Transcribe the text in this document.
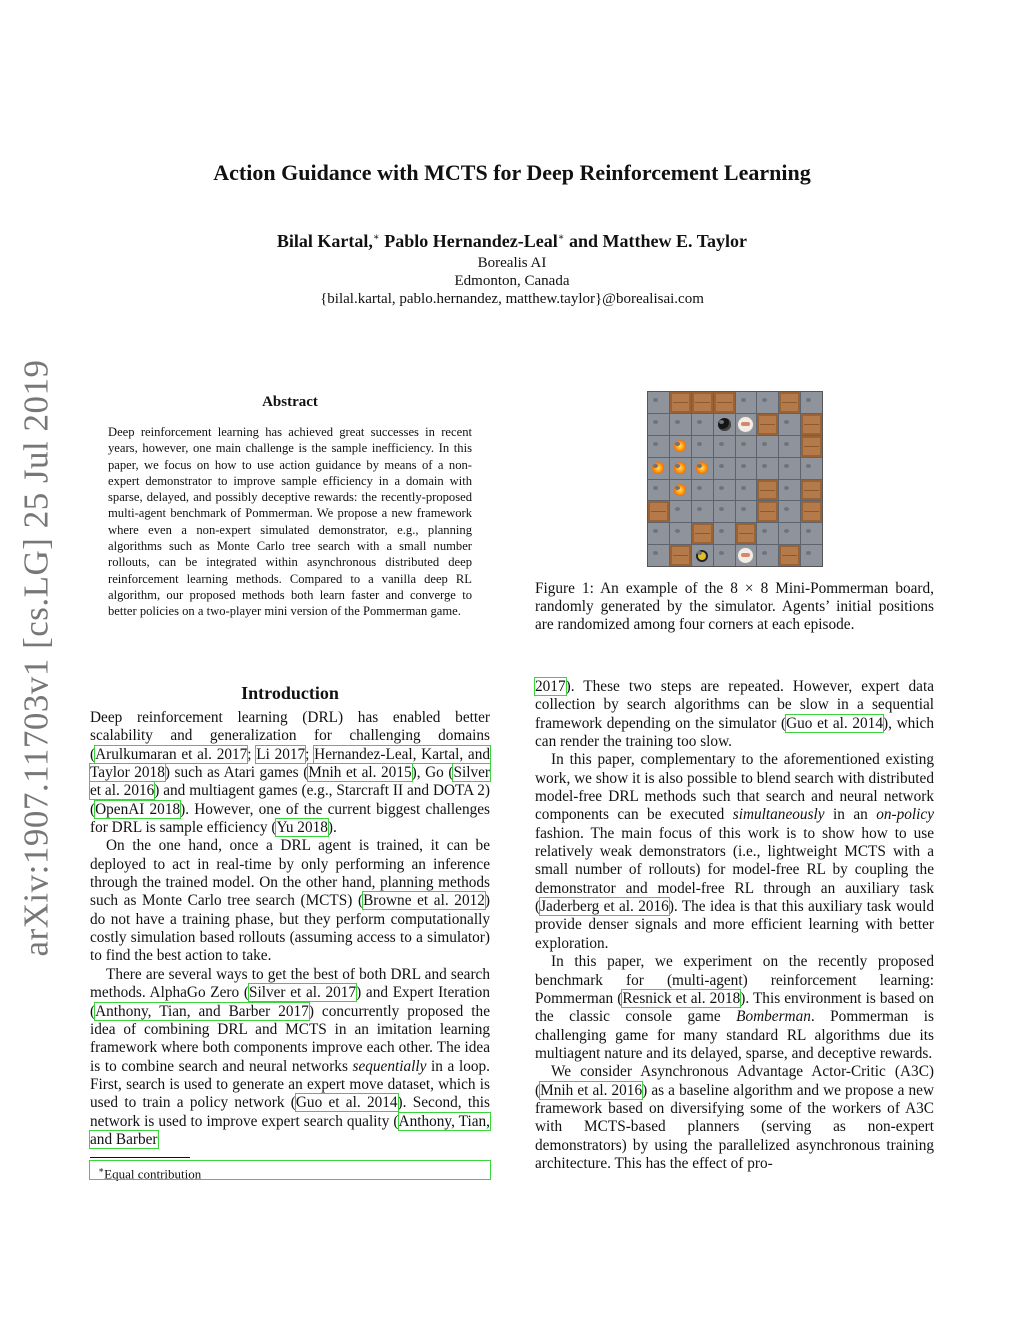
arXiv:1907.11703v1 [cs.LG] 25 Jul 2019
Action Guidance with MCTS for Deep Reinforcement Learning
Bilal Kartal,∗ Pablo Hernandez-Leal∗ and Matthew E. Taylor
Borealis AI
Edmonton, Canada
{bilal.kartal, pablo.hernandez, matthew.taylor}@borealisai.com
Abstract
Deep reinforcement learning has achieved great successes in recent years, however, one main challenge is the sample inefficiency. In this paper, we focus on how to use action guidance by means of a non-expert demonstrator to improve sample efficiency in a domain with sparse, delayed, and possibly deceptive rewards: the recently-proposed multi-agent benchmark of Pommerman. We propose a new framework where even a non-expert simulated demonstrator, e.g., planning algorithms such as Monte Carlo tree search with a small number rollouts, can be integrated within asynchronous distributed deep reinforcement learning methods. Compared to a vanilla deep RL algorithm, our proposed methods both learn faster and converge to better policies on a two-player mini version of the Pommerman game.
Figure 1: An example of the 8 × 8 Mini-Pommerman board, randomly generated by the simulator. Agents’ initial positions are randomized among four corners at each episode.
Introduction

Deep reinforcement learning (DRL) has enabled better scalability and generalization for challenging domains (Arulkumaran et al. 2017; Li 2017; Hernandez-Leal, Kartal, and Taylor 2018) such as Atari games (Mnih et al. 2015), Go (Silver et al. 2016) and multiagent games (e.g., Starcraft II and DOTA 2) (OpenAI 2018). However, one of the current biggest challenges for DRL is sample efficiency (Yu 2018).

On the one hand, once a DRL agent is trained, it can be deployed to act in real-time by only performing an inference through the trained model. On the other hand, planning methods such as Monte Carlo tree search (MCTS) (Browne et al. 2012) do not have a training phase, but they perform computationally costly simulation based rollouts (assuming access to a simulator) to find the best action to take.

There are several ways to get the best of both DRL and search methods. AlphaGo Zero (Silver et al. 2017) and Expert Iteration (Anthony, Tian, and Barber 2017) concurrently proposed the idea of combining DRL and MCTS in an imitation learning framework where both components improve each other. The idea is to combine search and neural networks sequentially in a loop. First, search is used to generate an expert move dataset, which is used to train a policy network (Guo et al. 2014). Second, this network is used to improve expert search quality (Anthony, Tian, and Barber

∗Equal contribution

2017). These two steps are repeated. However, expert data collection by search algorithms can be slow in a sequential framework depending on the simulator (Guo et al. 2014), which can render the training too slow.

In this paper, complementary to the aforementioned existing work, we show it is also possible to blend search with distributed model-free DRL methods such that search and neural network components can be executed simultaneously in an on-policy fashion. The main focus of this work is to show how to use relatively weak demonstrators (i.e., lightweight MCTS with a small number of rollouts) for model-free RL by coupling the demonstrator and model-free RL through an auxiliary task (Jaderberg et al. 2016). The idea is that this auxiliary task would provide denser signals and more efficient learning with better exploration.

In this paper, we experiment on the recently proposed benchmark for (multi-agent) reinforcement learning: Pommerman (Resnick et al. 2018). This environment is based on the classic console game Bomberman. Pommerman is challenging game for many standard RL algorithms due its multiagent nature and its delayed, sparse, and deceptive rewards.

We consider Asynchronous Advantage Actor-Critic (A3C) (Mnih et al. 2016) as a baseline algorithm and we propose a new framework based on diversifying some of the workers of A3C with MCTS-based planners (serving as non-expert demonstrators) by using the parallelized asynchronous training architecture. This has the effect of pro-
